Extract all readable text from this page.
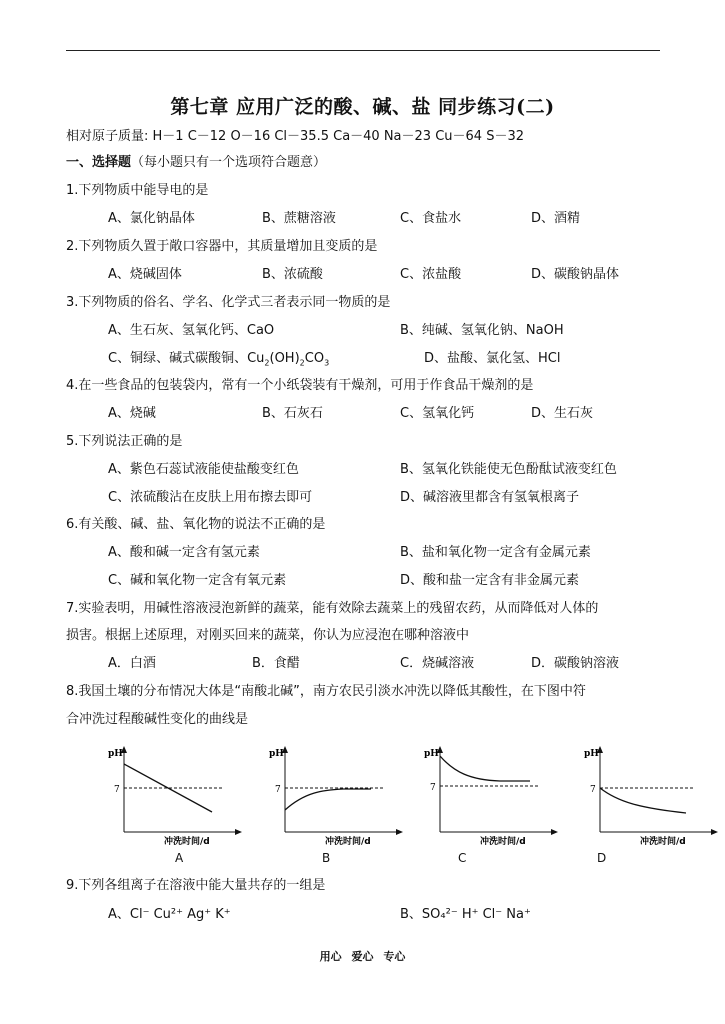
第七章 应用广泛的酸、碱、盐 同步练习(二)
相对原子质量: H－1 C－12 O－16 Cl－35.5 Ca－40 Na－23 Cu－64 S－32
一、选择题（每小题只有一个选项符合题意）
1.下列物质中能导电的是
A、氯化钠晶体	B、蔗糖溶液	C、食盐水	D、酒精
2.下列物质久置于敞口容器中，其质量增加且变质的是
A、烧碱固体	B、浓硫酸	C、浓盐酸	D、碳酸钠晶体
3.下列物质的俗名、学名、化学式三者表示同一物质的是
A、生石灰、氢氧化钙、CaO	B、纯碱、氢氧化钠、NaOH
C、铜绿、碱式碳酸铜、$Cu_2(OH)_2CO_3$	D、盐酸、氯化氢、HCl
4.在一些食品的包装袋内，常有一个小纸袋装有干燥剂，可用于作食品干燥剂的是
A、烧碱	B、石灰石	C、氢氧化钙	D、生石灰
5.下列说法正确的是
A、紫色石蕊试液能使盐酸变红色	B、氢氧化铁能使无色酚酞试液变红色
C、浓硫酸沾在皮肤上用布擦去即可	D、碱溶液里都含有氢氧根离子
6.有关酸、碱、盐、氧化物的说法不正确的是
A、酸和碱一定含有氢元素	B、盐和氧化物一定含有金属元素
C、碱和氧化物一定含有氧元素	D、酸和盐一定含有非金属元素
7.实验表明，用碱性溶液浸泡新鲜的蔬菜，能有效除去蔬菜上的残留农药，从而降低对人体的
损害。根据上述原理，对刚买回来的蔬菜，你认为应浸泡在哪种溶液中
A．白酒	B．食醋	C．烧碱溶液	D．碳酸钠溶液
8.我国土壤的分布情况大体是“南酸北碱”，南方农民引淡水冲洗以降低其酸性，在下图中符
合冲洗过程酸碱性变化的曲线是
pH
7
冲洗时间/d
A
pH
7
冲洗时间/d
B
pH
7
冲洗时间/d
C
pH
7
冲洗时间/d
D
9.下列各组离子在溶液中能大量共存的一组是
A、Cl⁻ Cu²⁺ Ag⁺ K⁺	B、SO₄²⁻ H⁺ Cl⁻ Na⁺
用心 爱心 专心
